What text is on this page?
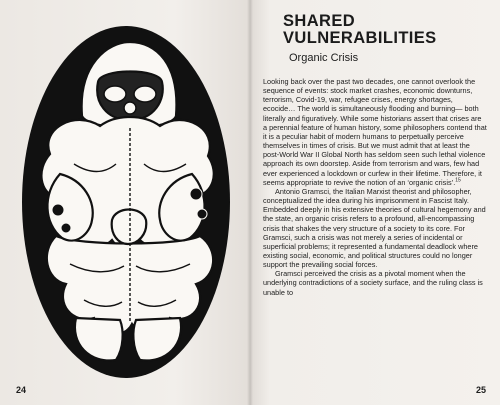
24
SHARED
VULNERABILITIES
Organic Crisis

Looking back over the past two decades, one cannot overlook the sequence of events: stock market crashes, economic downturns, terrorism, Covid-19, war, refugee crises, energy shortages, ecocide… The world is simultaneously flooding and burning— both literally and figuratively. While some historians assert that crises are a perennial feature of human history, some philosophers contend that it is a peculiar habit of modern humans to perpetually perceive themselves in times of crisis. But we must admit that at least the post-World War II Global North has seldom seen such lethal violence approach its own doorstep. Aside from terrorism and wars, few had ever experienced a lockdown or curfew in their lifetime. Therefore, it seems appropriate to revive the notion of an ‘organic crisis’.$^{15}$

Antonio Gramsci, the Italian Marxist theorist and philosopher, conceptualized the idea during his imprisonment in Fascist Italy. Embedded deeply in his extensive theories of cultural hegemony and the state, an organic crisis refers to a profound, all-encompassing crisis that shakes the very structure of a society to its core. For Gramsci, such a crisis was not merely a series of incidental or superficial problems; it represented a fundamental deadlock where existing social, economic, and political structures could no longer support the prevailing social forces.

Gramsci perceived the crisis as a pivotal moment when the underlying contradictions of a society surface, and the ruling class is unable to

25
